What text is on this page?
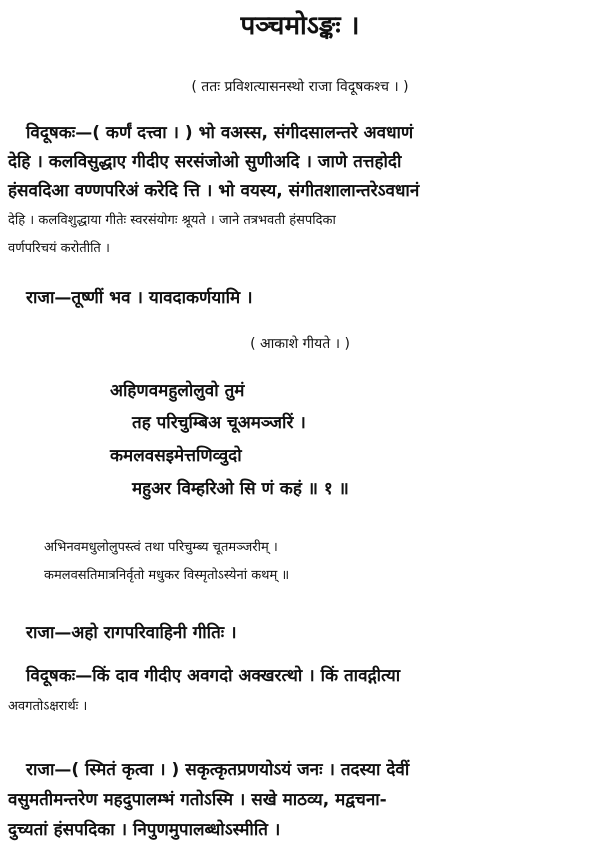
पञ्चमोऽङ्कः ।
( ततः प्रविशत्यासनस्थो राजा विदूषकश्च । )
विदूषकः—( कर्णं दत्त्वा । ) भो वअस्स, संगीदसालन्तरे अवधाणं
देहि । कलविसुद्धाए गीदीए सरसंजोओ सुणीअदि । जाणे तत्तहोदी
हंसवदिआ वण्णपरिअं करेदि त्ति । भो वयस्य, संगीतशालान्तरेऽवधानं
देहि । कलविशुद्धाया गीतेः स्वरसंयोगः श्रूयते । जाने तत्रभवती हंसपदिका
वर्णपरिचयं करोतीति ।
राजा—तूष्णीं भव । यावदाकर्णयामि ।
( आकाशे गीयते । )
अहिणवमहुलोलुवो तुमं
तह परिचुम्बिअ चूअमञ्जरिं ।
कमलवसइमेत्तणिव्वुदो
महुअर विम्हरिओ सि णं कहं ॥ १ ॥
अभिनवमधुलोलुपस्त्वं तथा परिचुम्ब्य चूतमञ्जरीम् ।
कमलवसतिमात्रनिर्वृतो मधुकर विस्मृतोऽस्येनां कथम् ॥
राजा—अहो रागपरिवाहिनी गीतिः ।
विदूषकः—किं दाव गीदीए अवगदो अक्खरत्थो । किं तावद्गीत्या
अवगतोऽक्षरार्थः ।
राजा—( स्मितं कृत्वा । ) सकृत्कृतप्रणयोऽयं जनः । तदस्या देवीं
वसुमतीमन्तरेण महदुपालम्भं गतोऽस्मि । सखे माठव्य, मद्वचना-
दुच्यतां हंसपदिका । निपुणमुपालब्धोऽस्मीति ।
